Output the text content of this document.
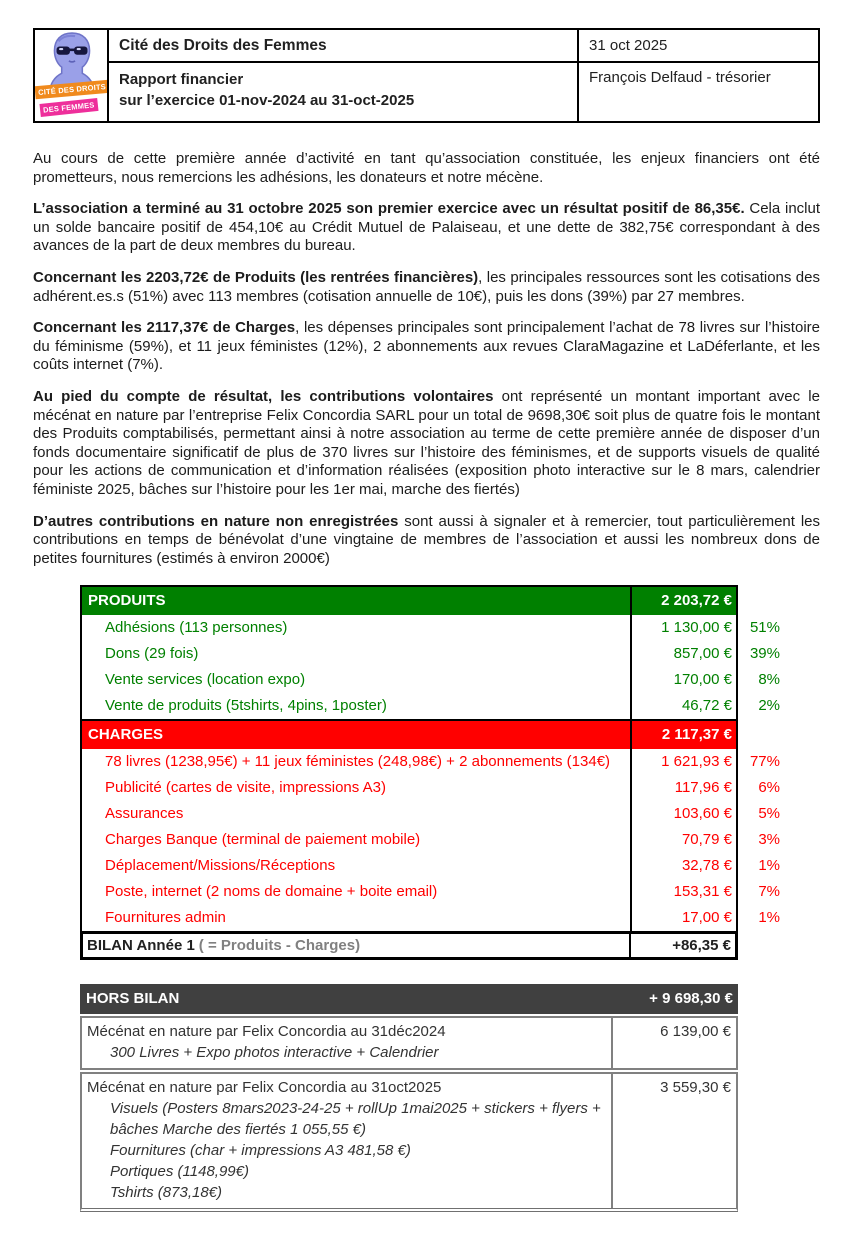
CITÉ DES DROITS
DES FEMMES
Cité des Droits des Femmes
Rapport financier
sur l’exercice 01-nov-2024 au 31-oct-2025
31 oct 2025
François Delfaud - trésorier

Au cours de cette première année d’activité en tant qu’association constituée, les enjeux financiers ont été prometteurs, nous remercions les adhésions, les donateurs et notre mécène.

L’association a terminé au 31 octobre 2025 son premier exercice avec un résultat positif de 86,35€. Cela inclut un solde bancaire positif de 454,10€ au Crédit Mutuel de Palaiseau, et une dette de 382,75€ correspondant à des avances de la part de deux membres du bureau.

Concernant les 2203,72€ de Produits (les rentrées financières), les principales ressources sont les cotisations des adhérent.es.s (51%) avec 113 membres (cotisation annuelle de 10€), puis les dons (39%) par 27 membres.

Concernant les 2117,37€ de Charges, les dépenses principales sont principalement l’achat de 78 livres sur l’histoire du féminisme (59%), et 11 jeux féministes (12%), 2 abonnements aux revues ClaraMagazine et LaDéferlante, et les coûts internet (7%).

Au pied du compte de résultat, les contributions volontaires ont représenté un montant important avec le mécénat en nature par l’entreprise Felix Concordia SARL pour un total de 9698,30€ soit plus de quatre fois le montant des Produits comptabilisés, permettant ainsi à notre association au terme de cette première année de disposer d’un fonds documentaire significatif de plus de 370 livres sur l’histoire des féminismes, et de supports visuels de qualité pour les actions de communication et d’information réalisées (exposition photo interactive sur le 8 mars, calendrier féministe 2025, bâches sur l’histoire pour les 1er mai, marche des fiertés)

D’autres contributions en nature non enregistrées sont aussi à signaler et à remercier, tout particulièrement les contributions en temps de bénévolat d’une vingtaine de membres de l’association et aussi les nombreux dons de petites fournitures (estimés à environ 2000€)

PRODUITS	2 203,72 €
Adhésions (113 personnes)	1 130,00 €	51%
Dons (29 fois)	857,00 €	39%
Vente services (location expo)	170,00 €	8%
Vente de produits (5tshirts, 4pins, 1poster)	46,72 €	2%
CHARGES	2 117,37 €
78 livres (1238,95€) + 11 jeux féministes (248,98€) + 2 abonnements (134€)	1 621,93 €	77%
Publicité (cartes de visite, impressions A3)	117,96 €	6%
Assurances	103,60 €	5%
Charges Banque (terminal de paiement mobile)	70,79 €	3%
Déplacement/Missions/Réceptions	32,78 €	1%
Poste, internet (2 noms de domaine + boite email)	153,31 €	7%
Fournitures admin	17,00 €	1%
BILAN Année 1 ( = Produits - Charges)	+86,35 €
HORS BILAN	+ 9 698,30 €
Mécénat en nature par Felix Concordia au 31déc2024
300 Livres + Expo photos interactive + Calendrier
6 139,00 €
Mécénat en nature par Felix Concordia au 31oct2025
Visuels (Posters 8mars2023-24-25 + rollUp 1mai2025 + stickers + flyers + bâches Marche des fiertés 1 055,55 €)
Fournitures (char + impressions A3 481,58 €)
Portiques (1148,99€)
Tshirts (873,18€)
3 559,30 €
